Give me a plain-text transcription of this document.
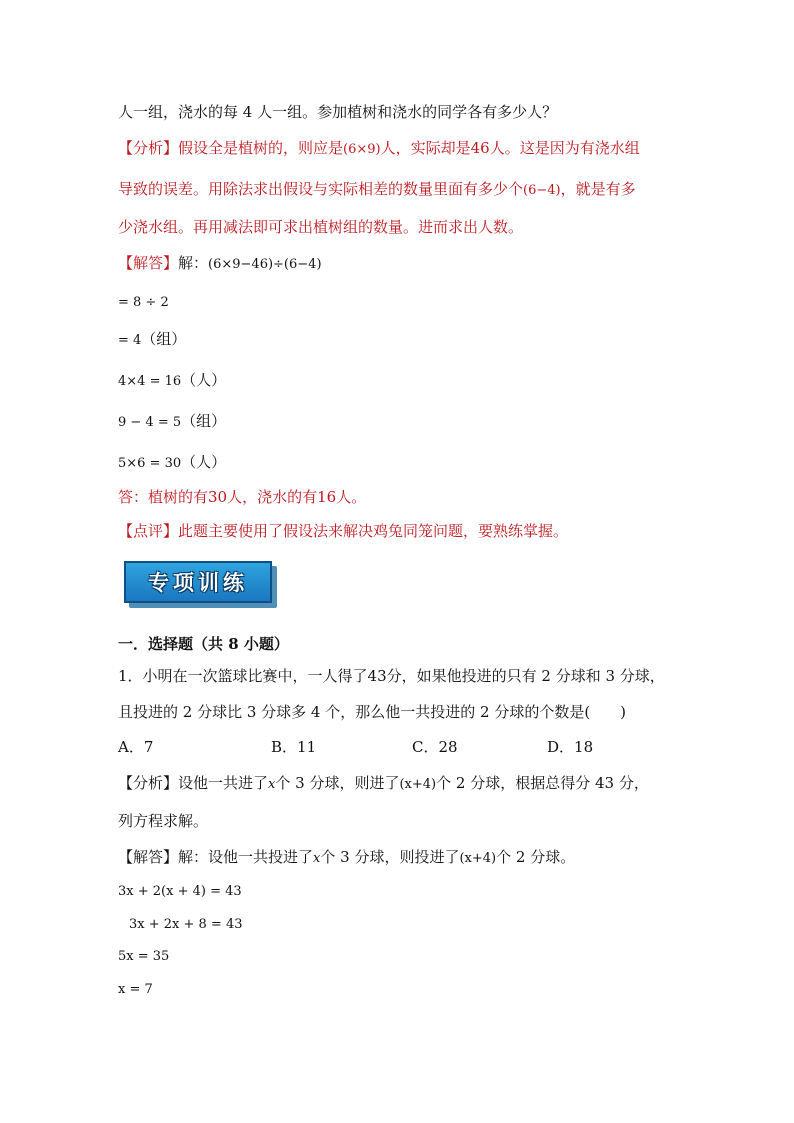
人一组，浇水的每 4 人一组。参加植树和浇水的同学各有多少人？
【分析】假设全是植树的，则应是(6×9)人，实际却是46人。这是因为有浇水组
导致的误差。用除法求出假设与实际相差的数量里面有多少个(6−4)，就是有多
少浇水组。再用减法即可求出植树组的数量。进而求出人数。
【解答】解：(6×9−46)÷(6−4)
= 8 ÷ 2
= 4（组）
4×4 = 16（人）
9 − 4 = 5（组）
5×6 = 30（人）
答：植树的有30人，浇水的有16人。
【点评】此题主要使用了假设法来解决鸡兔同笼问题，要熟练掌握。
专项训练
一．选择题（共 8 小题）
1．小明在一次篮球比赛中，一人得了43分，如果他投进的只有 2 分球和 3 分球，
且投进的 2 分球比 3 分球多 4 个，那么他一共投进的 2 分球的个数是(　　)
A．7	B．11	C．28	D．18
【分析】设他一共进了x个 3 分球，则进了(x+4)个 2 分球，根据总得分 43 分，
列方程求解。
【解答】解：设他一共投进了x个 3 分球，则投进了(x+4)个 2 分球。
3x + 2(x + 4) = 43
3x + 2x + 8 = 43
5x = 35
x = 7
